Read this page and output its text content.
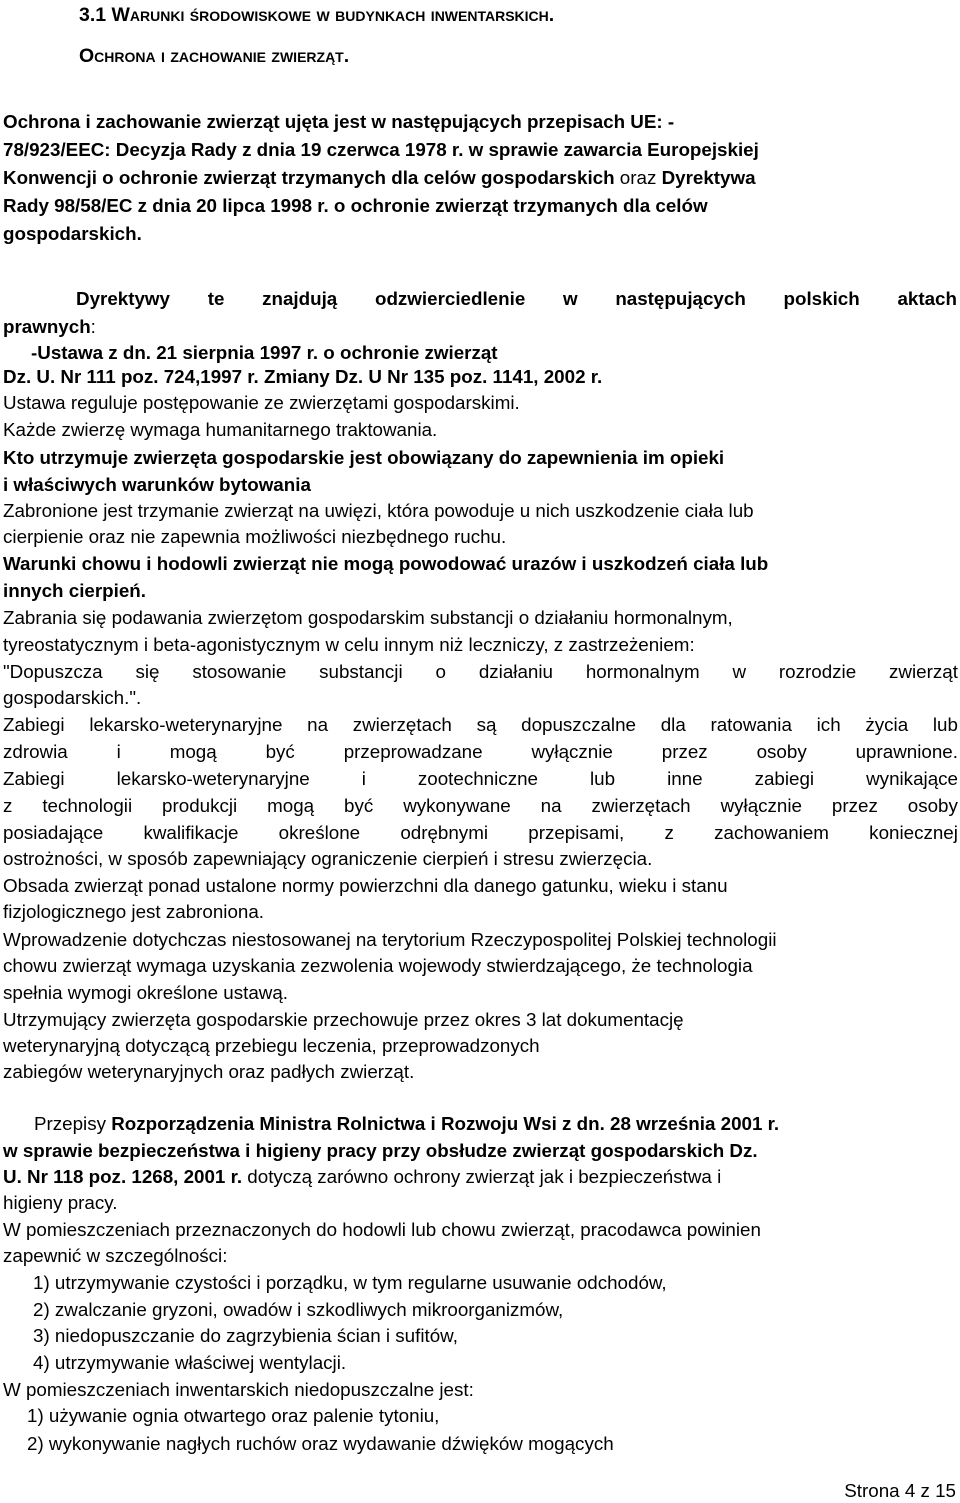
3.1 Warunki środowiskowe w budynkach inwentarskich.
Ochrona i zachowanie zwierząt.
Ochrona i zachowanie zwierząt ujęta jest w następujących przepisach UE: -
78/923/EEC: Decyzja Rady z dnia 19 czerwca 1978 r. w sprawie zawarcia Europejskiej
Konwencji o ochronie zwierząt trzymanych dla celów gospodarskich oraz Dyrektywa
Rady 98/58/EC z dnia 20 lipca 1998 r. o ochronie zwierząt trzymanych dla celów
gospodarskich.
Dyrektywy te znajdują odzwierciedlenie w następujących polskich aktach
prawnych:
-Ustawa z dn. 21 sierpnia 1997 r. o ochronie zwierząt
Dz. U. Nr 111 poz. 724,1997 r. Zmiany Dz. U Nr 135 poz. 1141, 2002 r.
Ustawa reguluje postępowanie ze zwierzętami gospodarskimi.
Każde zwierzę wymaga humanitarnego traktowania.
Kto utrzymuje zwierzęta gospodarskie jest obowiązany do zapewnienia im opieki
i właściwych warunków bytowania
Zabronione jest trzymanie zwierząt na uwięzi, która powoduje u nich uszkodzenie ciała lub
cierpienie oraz nie zapewnia możliwości niezbędnego ruchu.
Warunki chowu i hodowli zwierząt nie mogą powodować urazów i uszkodzeń ciała lub
innych cierpień.
Zabrania się podawania zwierzętom gospodarskim substancji o działaniu hormonalnym,
tyreostatycznym i beta-agonistycznym w celu innym niż leczniczy, z zastrzeżeniem:
"Dopuszcza się stosowanie substancji o działaniu hormonalnym w rozrodzie zwierząt
gospodarskich.".
Zabiegi lekarsko-weterynaryjne na zwierzętach są dopuszczalne dla ratowania ich życia lub
zdrowia	i	mogą	być	przeprowadzane	wyłącznie	przez	osoby	uprawnione.
Zabiegi	lekarsko-weterynaryjne	i	zootechniczne	lub	inne	zabiegi	wynikające
z technologii produkcji mogą być wykonywane na zwierzętach wyłącznie przez osoby
posiadające kwalifikacje określone odrębnymi przepisami, z zachowaniem koniecznej
ostrożności, w sposób zapewniający ograniczenie cierpień i stresu zwierzęcia.
Obsada zwierząt ponad ustalone normy powierzchni dla danego gatunku, wieku i stanu
fizjologicznego jest zabroniona.
Wprowadzenie dotychczas niestosowanej na terytorium Rzeczypospolitej Polskiej technologii
chowu zwierząt wymaga uzyskania zezwolenia wojewody stwierdzającego, że technologia
spełnia wymogi określone ustawą.
Utrzymujący zwierzęta gospodarskie przechowuje przez okres 3 lat dokumentację
weterynaryjną dotyczącą przebiegu leczenia, przeprowadzonych
zabiegów weterynaryjnych oraz padłych zwierząt.
Przepisy Rozporządzenia Ministra Rolnictwa i Rozwoju Wsi z dn. 28 września 2001 r.
w sprawie bezpieczeństwa i higieny pracy przy obsłudze zwierząt gospodarskich Dz.
U. Nr 118 poz. 1268, 2001 r. dotyczą zarówno ochrony zwierząt jak i bezpieczeństwa i
higieny pracy.
W pomieszczeniach przeznaczonych do hodowli lub chowu zwierząt, pracodawca powinien
zapewnić w szczególności:
1) utrzymywanie czystości i porządku, w tym regularne usuwanie odchodów,
2) zwalczanie gryzoni, owadów i szkodliwych mikroorganizmów,
3) niedopuszczanie do zagrzybienia ścian i sufitów,
4) utrzymywanie właściwej wentylacji.
W pomieszczeniach inwentarskich niedopuszczalne jest:
1) używanie ognia otwartego oraz palenie tytoniu,
2) wykonywanie nagłych ruchów oraz wydawanie dźwięków mogących
Strona 4 z 15
